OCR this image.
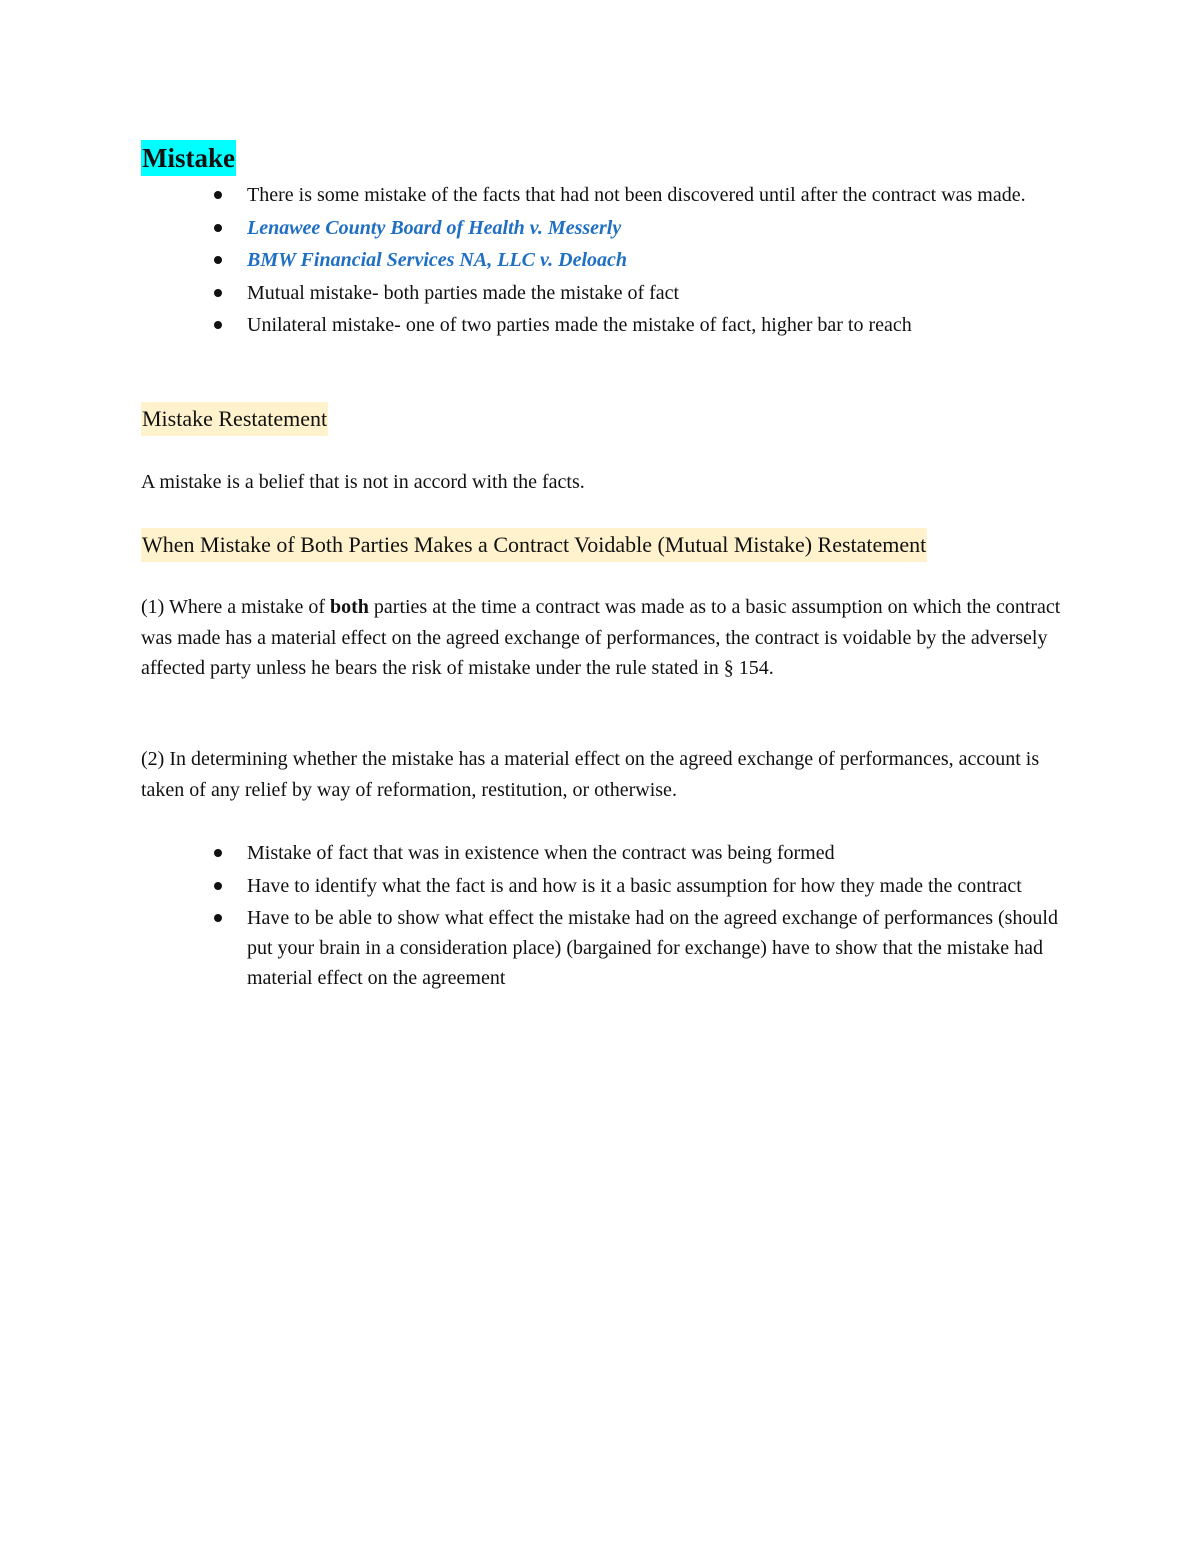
Mistake
There is some mistake of the facts that had not been discovered until after the contract was made.
Lenawee County Board of Health v. Messerly
BMW Financial Services NA, LLC v. Deloach
Mutual mistake- both parties made the mistake of fact
Unilateral mistake- one of two parties made the mistake of fact, higher bar to reach
Mistake Restatement

A mistake is a belief that is not in accord with the facts.

When Mistake of Both Parties Makes a Contract Voidable (Mutual Mistake) Restatement

(1) Where a mistake of both parties at the time a contract was made as to a basic assumption on which the contract was made has a material effect on the agreed exchange of performances, the contract is voidable by the adversely affected party unless he bears the risk of mistake under the rule stated in § 154.

(2) In determining whether the mistake has a material effect on the agreed exchange of performances, account is taken of any relief by way of reformation, restitution, or otherwise.

Mistake of fact that was in existence when the contract was being formed
Have to identify what the fact is and how is it a basic assumption for how they made the contract
Have to be able to show what effect the mistake had on the agreed exchange of performances (should put your brain in a consideration place) (bargained for exchange) have to show that the mistake had material effect on the agreement
